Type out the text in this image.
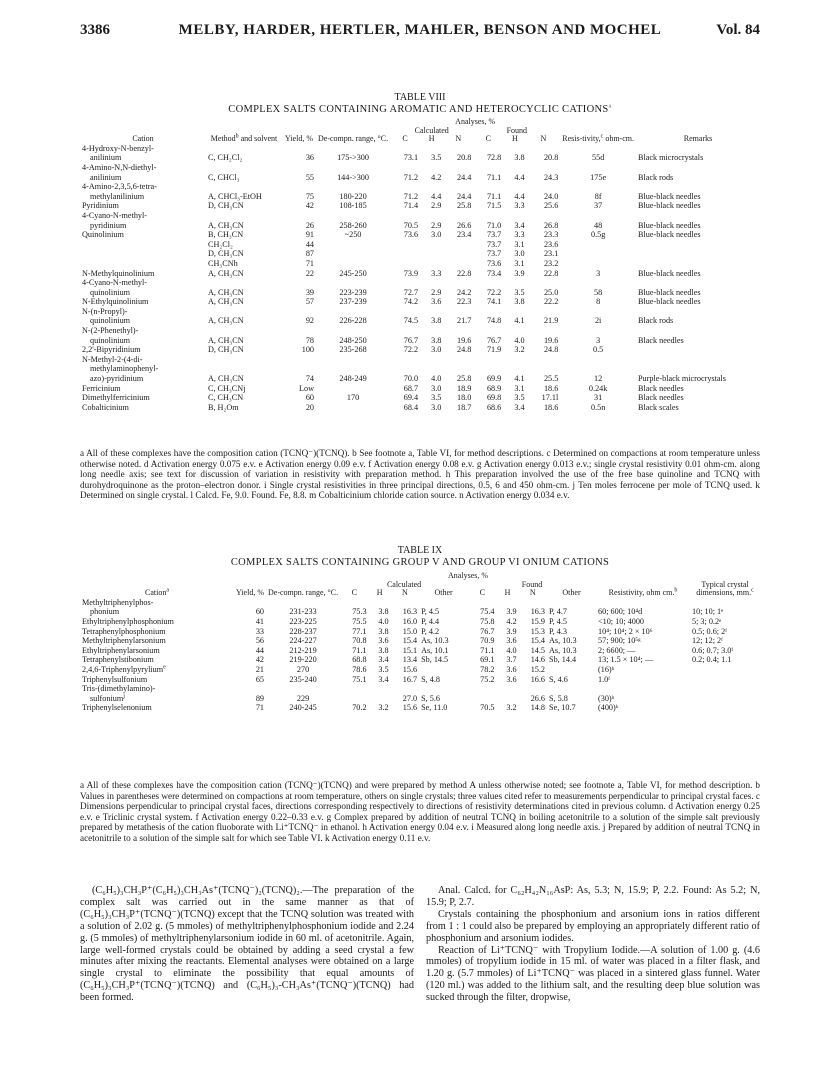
3386	MELBY, HARDER, HERTLER, MAHLER, BENSON AND MOCHEL	Vol. 84
TABLE VIII
COMPLEX SALTS CONTAINING AROMATIC AND HETEROCYCLIC CATIONS$^a$
Cation	Method$^b$ and solvent	Yield, %	De-compn. range, °C.	Analyses, %						Resis-tivity,$^c$ ohm-cm.	Remarks
				Calculated			Found				
				C	H	N	C	H	N		
4-Hydroxy-N-benzyl-											
anilinium	C, CH₂Cl₂	36	175->300	73.1	3.5	20.8	72.8	3.8	20.8	55d	Black microcrystals
4-Amino-N,N-diethyl-											
anilinium	C, CHCl₃	55	144->300	71.2	4.2	24.4	71.1	4.4	24.3	175e	Black rods
4-Amino-2,3,5,6-tetra-											
methylanilinium	A, CHCl₃-EtOH	75	180-220	71.2	4.4	24.4	71.1	4.4	24.0	8f	Blue-black needles
Pyridinium	D, CH₃CN	42	108-185	71.4	2.9	25.8	71.5	3.3	25.6	37	Blue-black needles
4-Cyano-N-methyl-											
pyridinium	A, CH₃CN	26	258-260	70.5	2.9	26.6	71.0	3.4	26.8	48	Blue-black needles
Quinolinium	B, CH₃CN	91	~250	73.6	3.0	23.4	73.7	3.3	23.3	0.5g	Blue-black needles
	CH₂Cl₂	44					73.7	3.1	23.6		
	D, CH₃CN	87					73.7	3.0	23.1		
	CH₃CNh	71					73.6	3.1	23.2		
N-Methylquinolinium	A, CH₃CN	22	245-250	73.9	3.3	22.8	73.4	3.9	22.8	3	Blue-black needles
4-Cyano-N-methyl-											
quinolinium	A, CH₃CN	39	223-239	72.7	2.9	24.2	72.2	3.5	25.0	58	Blue-black needles
N-Ethylquinolinium	A, CH₃CN	57	237-239	74.2	3.6	22.3	74.1	3.8	22.2	8	Blue-black needles
N-(n-Propyl)-											
quinolinium	A, CH₃CN	92	226-228	74.5	3.8	21.7	74.8	4.1	21.9	2i	Black rods
N-(2-Phenethyl)-											
quinolinium	A, CH₃CN	78	248-250	76.7	3.8	19.6	76.7	4.0	19.6	3	Black needles
2,2'-Bipyridinium	D, CH₃CN	100	235-268	72.2	3.0	24.8	71.9	3.2	24.8	0.5	
N-Methyl-2-(4-di-											
methylaminophenyl-											
azo)-pyridinium	A, CH₃CN	74	248-249	70.0	4.0	25.8	69.9	4.1	25.5	12	Purple-black microcrystals
Ferricinium	C, CH₃CNj	Low		68.7	3.0	18.9	68.9	3.1	18.6	0.24k	Black needles
Dimethylferricinium	C, CH₃CN	60	170	69.4	3.5	18.0	69.8	3.5	17.1l	31	Black needles
Cobalticinium	B, H₂Om	20		68.4	3.0	18.7	68.6	3.4	18.6	0.5n	Black scales
a All of these complexes have the composition cation (TCNQ⁻)(TCNQ). b See footnote a, Table VI, for method descriptions. c Determined on compactions at room temperature unless otherwise noted. d Activation energy 0.075 e.v. e Activation energy 0.09 e.v. f Activation energy 0.08 e.v. g Activation energy 0.013 e.v.; single crystal resistivity 0.01 ohm-cm. along long needle axis; see text for discussion of variation in resistivity with preparation method. h This preparation involved the use of the free base quinoline and TCNQ with durohydroquinone as the proton–electron donor. i Single crystal resistivities in three principal directions, 0.5, 6 and 450 ohm-cm. j Ten moles ferrocene per mole of TCNQ used. k Determined on single crystal. l Calcd. Fe, 9.0. Found. Fe, 8.8. m Cobalticinium chloride cation source. n Activation energy 0.034 e.v.
TABLE IX
COMPLEX SALTS CONTAINING GROUP V AND GROUP VI ONIUM CATIONS
Cation$^a$	Yield, %	De-compn. range, °C.	Analyses, %								Resistivity, ohm cm.$^b$	Typical crystal dimensions, mm.$^c$
			Calculated				Found					
			C	H	N	Other	C	H	N	Other		
Methyltriphenylphos-												
phonium	60	231-233	75.3	3.8	16.3	P, 4.5	75.4	3.9	16.3	P, 4.7	60; 600; 10⁴d	10; 10; 1ᵉ
Ethyltriphenylphosphonium	41	223-225	75.5	4.0	16.0	P, 4.4	75.8	4.2	15.9	P, 4.5	<10; 10; 4000	5; 3; 0.2ᵉ
Tetraphenylphosphonium	33	228-237	77.1	3.8	15.0	P, 4.2	76.7	3.9	15.3	P, 4.3	10⁴; 10⁴; 2 × 10⁶	0.5; 0.6; 2ᶠ
Methyltriphenylarsonium	56	224-227	70.8	3.6	15.4	As, 10.3	70.9	3.6	15.4	As, 10.3	57; 900; 10⁵ᵍ	12; 12; 2ᶠ
Ethyltriphenylarsonium	44	212-219	71.1	3.8	15.1	As, 10.1	71.1	4.0	14.5	As, 10.3	2; 6600; —	0.6; 0.7; 3.0ᶠ
Tetraphenylstibonium	42	219-220	68.8	3.4	13.4	Sb, 14.5	69.1	3.7	14.6	Sb, 14.4	13; 1.5 × 10⁴; —	0.2; 0.4; 1.1
2,4,6-Triphenylpyrylium$^e$	21	270	78.6	3.5	15.6		78.2	3.6	15.2		(16)ʰ	
Triphenylsulfonium	65	235-240	75.1	3.4	16.7	S, 4.8	75.2	3.6	16.6	S, 4.6	1.0ᶠ	
Tris-(dimethylamino)-												
sulfonium$^j$	89	229			27.0	S, 5.6			26.6	S, 5.8	(30)ʰ	
Triphenylselenonium	71	240-245	70.2	3.2	15.6	Se, 11.0	70.5	3.2	14.8	Se, 10.7	(400)ᵏ	
a All of these complexes have the composition cation (TCNQ⁻)(TCNQ) and were prepared by method A unless otherwise noted; see footnote a, Table VI, for method description. b Values in parentheses were determined on compactions at room temperature, others on single crystals; three values cited refer to measurements perpendicular to principal crystal faces. c Dimensions perpendicular to principal crystal faces, directions corresponding respectively to directions of resistivity determinations cited in previous column. d Activation energy 0.25 e.v. e Triclinic crystal system. f Activation energy 0.22–0.33 e.v. g Complex prepared by addition of neutral TCNQ in boiling acetonitrile to a solution of the simple salt previously prepared by metathesis of the cation fluoborate with Li⁺TCNQ⁻ in ethanol. h Activation energy 0.04 e.v. i Measured along long needle axis. j Prepared by addition of neutral TCNQ in acetonitrile to a solution of the simple salt for which see Table VI. k Activation energy 0.11 e.v.

(C₆H₅)₃CH₃P⁺(C₆H₅)₃CH₃As⁺(TCNQ⁻)₂(TCNQ)₂.—The preparation of the complex salt was carried out in the same manner as that of (C₆H₅)₃CH₃P⁺(TCNQ⁻)(TCNQ) except that the TCNQ solution was treated with a solution of 2.02 g. (5 mmoles) of methyltriphenylphosphonium iodide and 2.24 g. (5 mmoles) of methyltriphenylarsonium iodide in 60 ml. of acetonitrile. Again, large well-formed crystals could be obtained by adding a seed crystal a few minutes after mixing the reactants. Elemental analyses were obtained on a large single crystal to eliminate the possibility that equal amounts of (C₆H₅)₃CH₃P⁺(TCNQ⁻)(TCNQ) and (C₆H₅)₃-CH₃As⁺(TCNQ⁻)(TCNQ) had been formed.

Anal. Calcd. for C₆₂H₄₂N₁₆AsP: As, 5.3; N, 15.9; P, 2.2. Found: As 5.2; N, 15.9; P, 2.7.

Crystals containing the phosphonium and arsonium ions in ratios different from 1 : 1 could also be prepared by employing an appropriately different ratio of phosphonium and arsonium iodides.

Reaction of Li⁺TCNQ⁻ with Tropylium Iodide.—A solution of 1.00 g. (4.6 mmoles) of tropylium iodide in 15 ml. of water was placed in a filter flask, and 1.20 g. (5.7 mmoles) of Li⁺TCNQ⁻ was placed in a sintered glass funnel. Water (120 ml.) was added to the lithium salt, and the resulting deep blue solution was sucked through the filter, dropwise,
